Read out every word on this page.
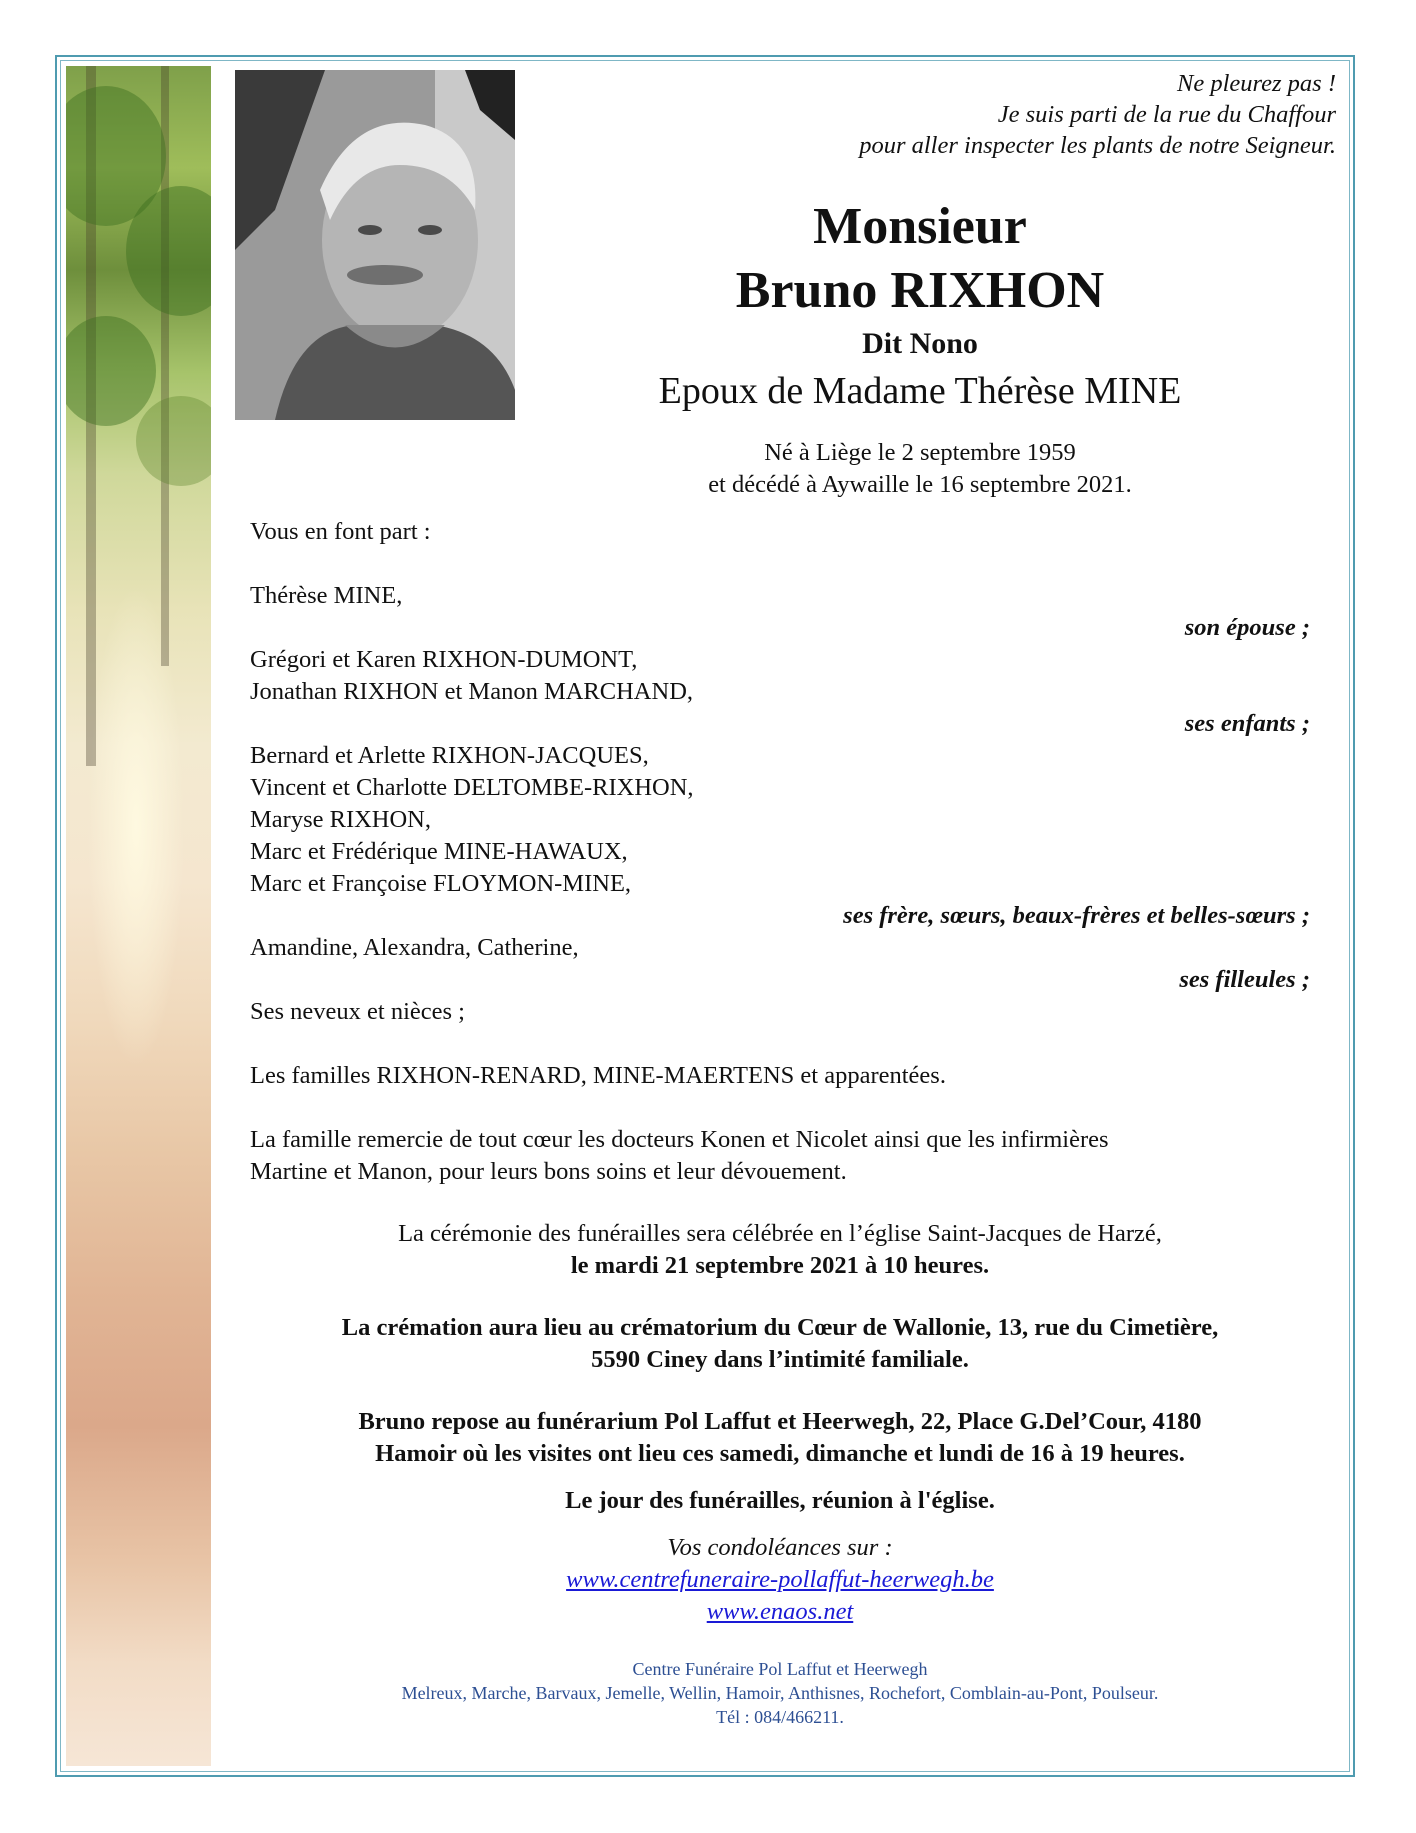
Ne pleurez pas !
Je suis parti de la rue du Chaffour
pour aller inspecter les plants de notre Seigneur.
Monsieur
Bruno RIXHON
Dit Nono
Epoux de Madame Thérèse MINE
Né à Liège le 2 septembre 1959
et décédé à Aywaille le 16 septembre 2021.
Vous en font part :
Thérèse MINE,
son épouse ;
Grégori et Karen RIXHON-DUMONT,
Jonathan RIXHON et Manon MARCHAND,
ses enfants ;
Bernard et Arlette RIXHON-JACQUES,
Vincent et Charlotte DELTOMBE-RIXHON,
Maryse RIXHON,
Marc et Frédérique MINE-HAWAUX,
Marc et Françoise FLOYMON-MINE,
ses frère, sœurs, beaux-frères et belles-sœurs ;
Amandine, Alexandra, Catherine,
ses filleules ;
Ses neveux et nièces ;
Les familles RIXHON-RENARD, MINE-MAERTENS et apparentées.
La famille remercie de tout cœur les docteurs Konen et Nicolet ainsi que les infirmières
Martine et Manon, pour leurs bons soins et leur dévouement.
La cérémonie des funérailles sera célébrée en l’église Saint-Jacques de Harzé,
le mardi 21 septembre 2021 à 10 heures.
La crémation aura lieu au crématorium du Cœur de Wallonie, 13, rue du Cimetière,
5590 Ciney dans l’intimité familiale.
Bruno repose au funérarium Pol Laffut et Heerwegh, 22, Place G.Del’Cour, 4180
Hamoir où les visites ont lieu ces samedi, dimanche et lundi de 16 à 19 heures.
Le jour des funérailles, réunion à l'église.
Vos condoléances sur :
www.centrefuneraire-pollaffut-heerwegh.be
www.enaos.net
Centre Funéraire Pol Laffut et Heerwegh
Melreux, Marche, Barvaux, Jemelle, Wellin, Hamoir, Anthisnes, Rochefort, Comblain-au-Pont, Poulseur.
Tél : 084/466211.
